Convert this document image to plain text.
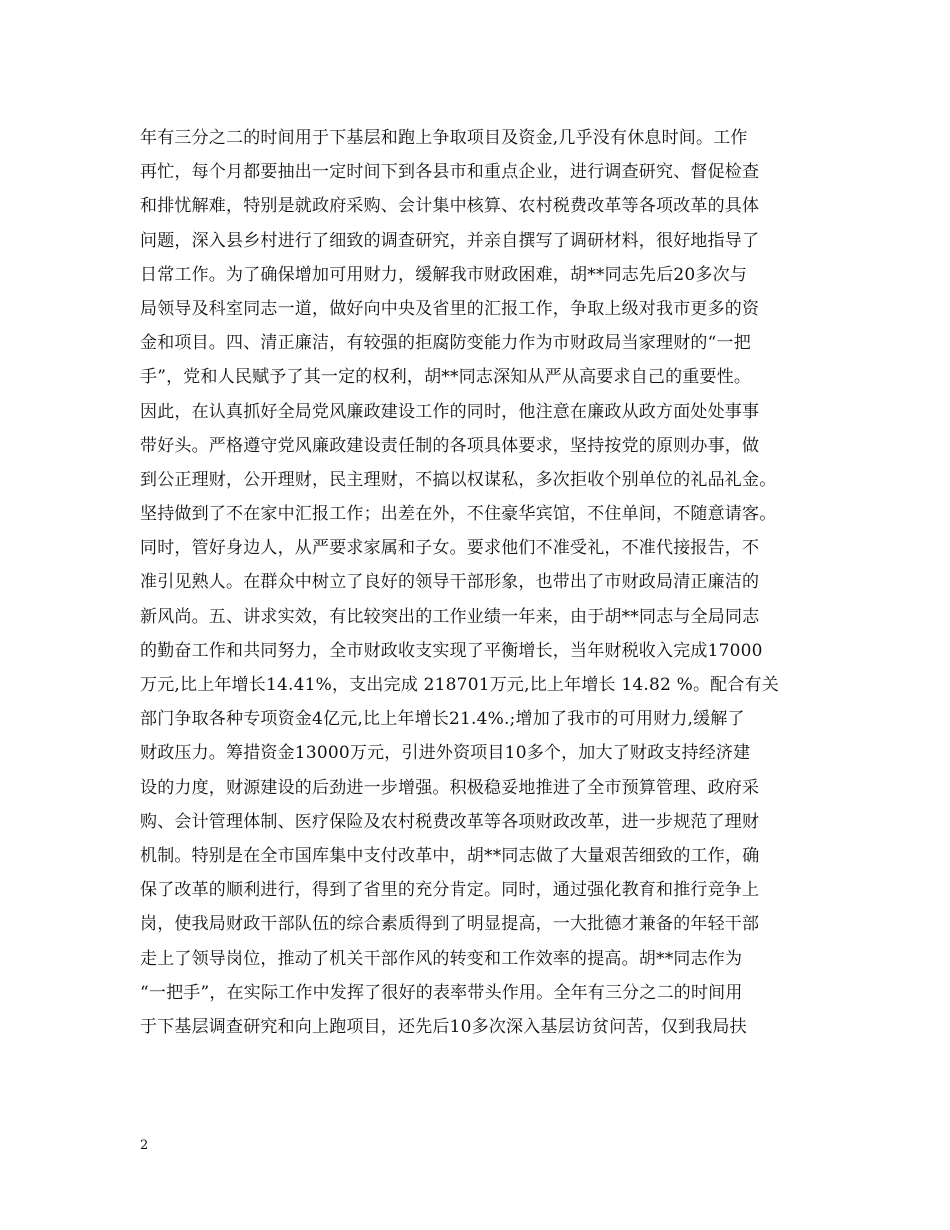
年有三分之二的时间用于下基层和跑上争取项目及资金,几乎没有休息时间。工作
再忙，每个月都要抽出一定时间下到各县市和重点企业，进行调查研究、督促检查
和排忧解难，特别是就政府采购、会计集中核算、农村税费改革等各项改革的具体
问题，深入县乡村进行了细致的调查研究，并亲自撰写了调研材料，很好地指导了
日常工作。为了确保增加可用财力，缓解我市财政困难，胡**同志先后20多次与
局领导及科室同志一道，做好向中央及省里的汇报工作，争取上级对我市更多的资
金和项目。四、清正廉洁，有较强的拒腐防变能力作为市财政局当家理财的“一把
手”，党和人民赋予了其一定的权利，胡**同志深知从严从高要求自己的重要性。
因此，在认真抓好全局党风廉政建设工作的同时，他注意在廉政从政方面处处事事
带好头。严格遵守党风廉政建设责任制的各项具体要求，坚持按党的原则办事，做
到公正理财，公开理财，民主理财，不搞以权谋私，多次拒收个别单位的礼品礼金。
坚持做到了不在家中汇报工作；出差在外，不住豪华宾馆，不住单间，不随意请客。
同时，管好身边人，从严要求家属和子女。要求他们不准受礼，不准代接报告，不
准引见熟人。在群众中树立了良好的领导干部形象，也带出了市财政局清正廉洁的
新风尚。五、讲求实效，有比较突出的工作业绩一年来，由于胡**同志与全局同志
的勤奋工作和共同努力，全市财政收支实现了平衡增长，当年财税收入完成17000
万元,比上年增长14.41%，支出完成 218701万元,比上年增长 14.82 %。配合有关
部门争取各种专项资金4亿元,比上年增长21.4%.;增加了我市的可用财力,缓解了
财政压力。筹措资金13000万元，引进外资项目10多个，加大了财政支持经济建
设的力度，财源建设的后劲进一步增强。积极稳妥地推进了全市预算管理、政府采
购、会计管理体制、医疗保险及农村税费改革等各项财政改革，进一步规范了理财
机制。特别是在全市国库集中支付改革中，胡**同志做了大量艰苦细致的工作，确
保了改革的顺利进行，得到了省里的充分肯定。同时，通过强化教育和推行竞争上
岗，使我局财政干部队伍的综合素质得到了明显提高，一大批德才兼备的年轻干部
走上了领导岗位，推动了机关干部作风的转变和工作效率的提高。胡**同志作为
“一把手”，在实际工作中发挥了很好的表率带头作用。全年有三分之二的时间用
于下基层调查研究和向上跑项目，还先后10多次深入基层访贫问苦，仅到我局扶
2
